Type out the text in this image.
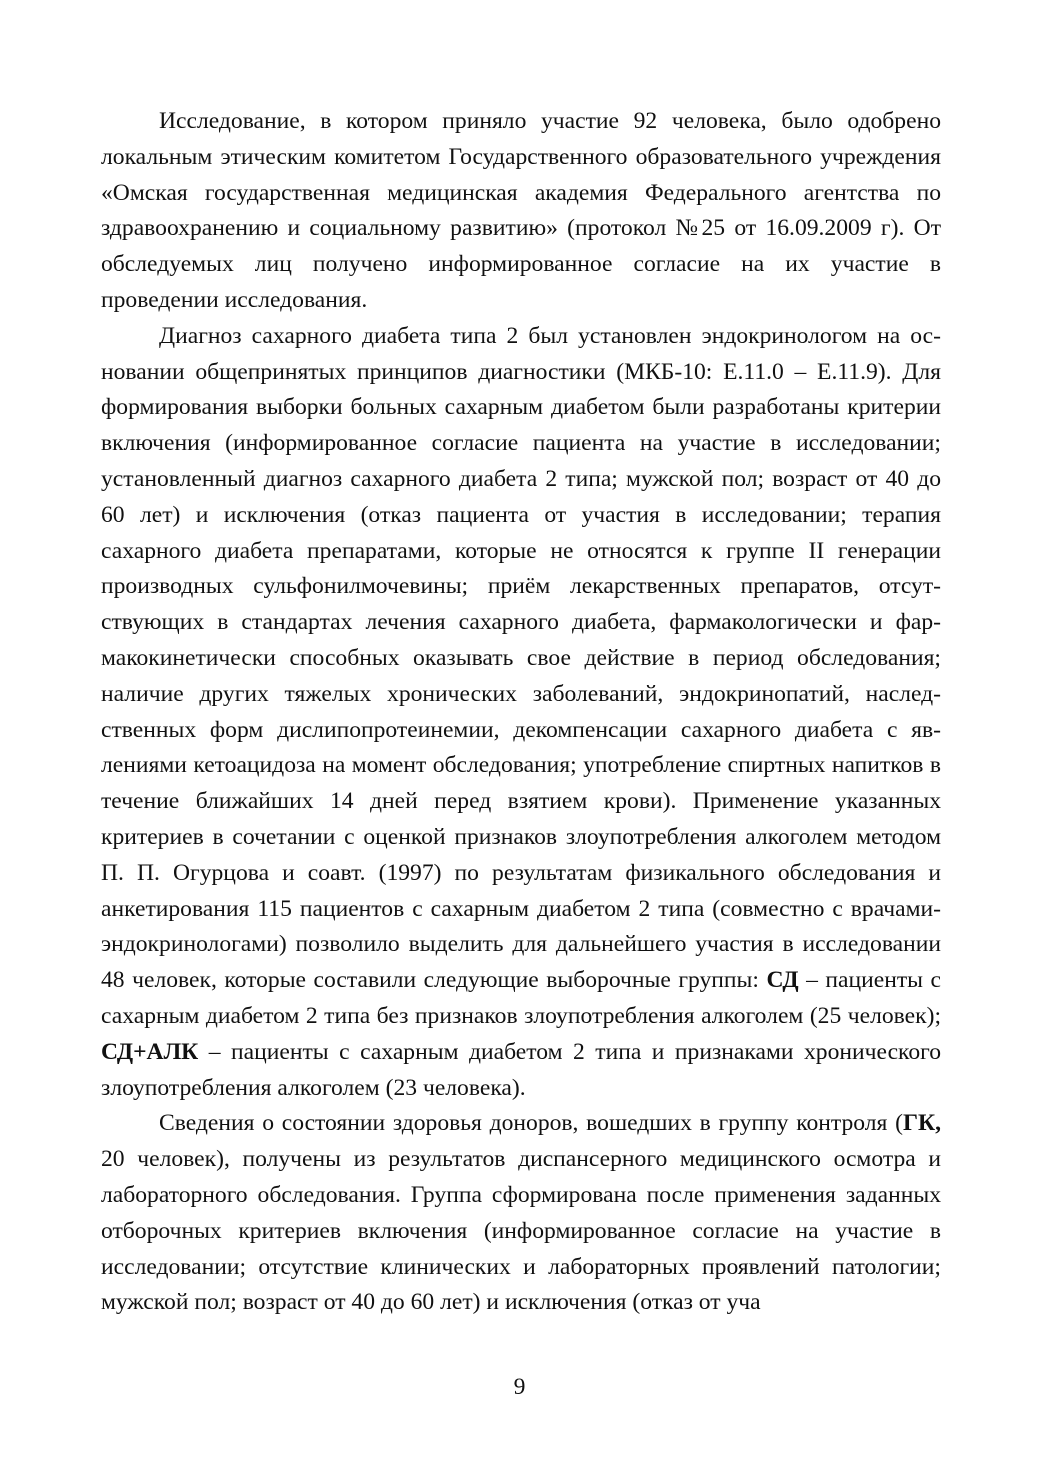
Исследование, в котором приняло участие 92 человека, было одобрено локальным этическим комитетом Государственного образовательного учреждения «Омская государственная медицинская академия Федерального агентства по здравоохранению и социальному развитию» (протокол №25 от 16.09.2009 г). От обследуемых лиц получено информированное согласие на их участие в проведении исследования.

Диагноз сахарного диабета типа 2 был установлен эндокринологом на основании общепринятых принципов диагностики (МКБ-10: Е.11.0 – Е.11.9). Для формирования выборки больных сахарным диабетом были разработаны критерии включения (информированное согласие пациента на участие в исследовании; установленный диагноз сахарного диабета 2 типа; мужской пол; возраст от 40 до 60 лет) и исключения (отказ пациента от участия в исследовании; терапия сахарного диабета препаратами, которые не относятся к группе II генерации производных сульфонилмочевины; приём лекарственных препаратов, отсутствующих в стандартах лечения сахарного диабета, фармакологически и фармакокинетически способных оказывать свое действие в период обследования; наличие других тяжелых хронических заболеваний, эндокринопатий, наследственных форм дислипопротеинемии, декомпенсации сахарного диабета с явлениями кетоацидоза на момент обследования; употребление спиртных напитков в течение ближайших 14 дней перед взятием крови). Применение указанных критериев в сочетании с оценкой признаков злоупотребления алкоголем методом П. П. Огурцова и соавт. (1997) по результатам физикального обследования и анкетирования 115 пациентов с сахарным диабетом 2 типа (совместно с врачами-эндокринологами) позволило выделить для дальнейшего участия в исследовании 48 человек, которые составили следующие выборочные группы: СД – пациенты с сахарным диабетом 2 типа без признаков злоупотребления алкоголем (25 человек); СД+АЛК – пациенты с сахарным диабетом 2 типа и признаками хронического злоупотребления алкоголем (23 человека).

Сведения о состоянии здоровья доноров, вошедших в группу контроля (ГК, 20 человек), получены из результатов диспансерного медицинского осмотра и лабораторного обследования. Группа сформирована после применения заданных отборочных критериев включения (информированное согласие на участие в исследовании; отсутствие клинических и лабораторных проявлений патологии; мужской пол; возраст от 40 до 60 лет) и исключения (отказ от уча

9
